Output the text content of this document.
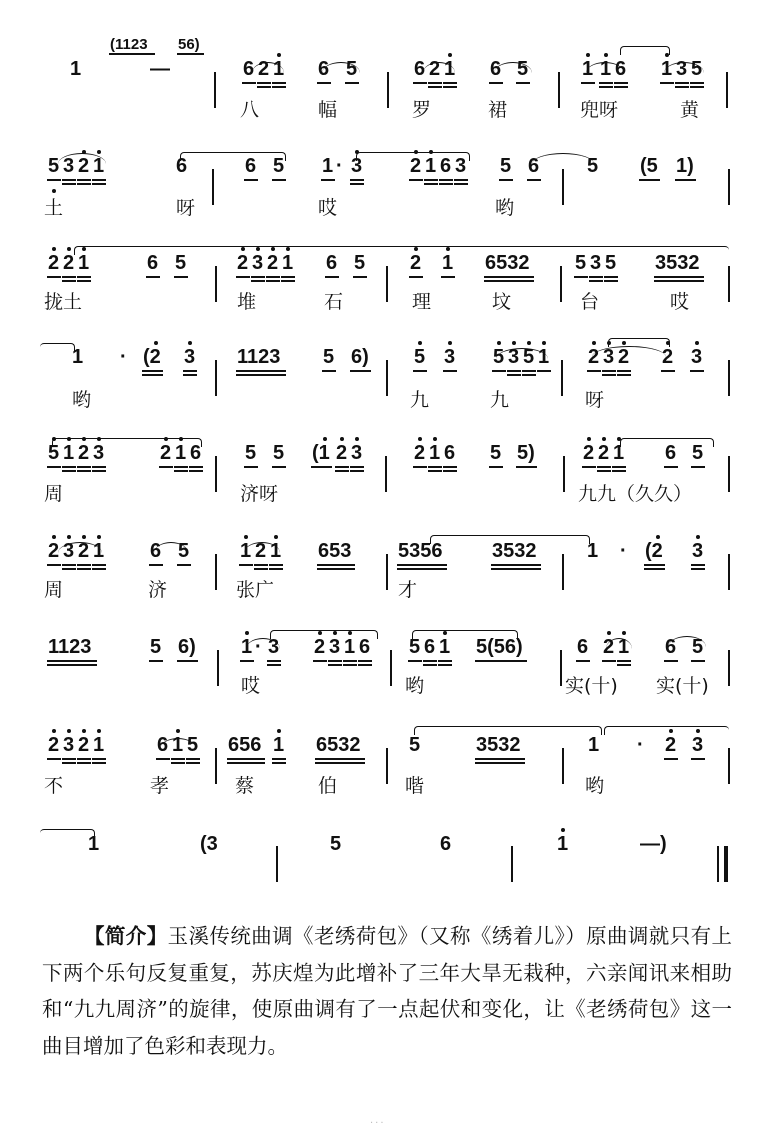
(1123 56)
1	—	6 2 1 6 5	6 2 1 6 5	1 1 6 1 3 5
八	幅	罗	裙	兜呀	黄
5 3 2 1	6	6 5 1 · 3 2 1 6 3 5 6 5 (5 1)
土	呀	哎	哟
2 2 1	6 5	2 3 2 1 6 5 2 1 6532 5 3 5 3532
拢土	堆	石	理	坟	台	哎
1 · (2 3 1123 5 6) 5 3 5 3 5 1 2 3 2 2 3
哟	九	九	呀
5 1 2 3	2 1 6 5 5 (1 2 3	2 1 6 5 5) 2 2 1 6 5
周	济呀	九九（久久）
2 3 2 1 6 5	1 2 1 653 5356 3532	1 · (2 3
周	济	张广	才
1123	5 6) 1 · 3 2 3 1 6 5 6 1 5(56)	6 2 1 6 5
哎	哟	实(十) 实(十)
2 3 2 1	6 1 5 656 1 6532 5	3532	1 · 2 3
不	孝	蔡	伯	喈	哟
1	(3	5	6	1	—)

【简介】玉溪传统曲调《老绣荷包》（又称《绣着儿》）原曲调就只有上下两个乐句反复重复，苏庆煌为此增补了三年大旱无栽种，六亲闻讯来相助和“九九周济”的旋律，使原曲调有了一点起伏和变化，让《老绣荷包》这一曲目增加了色彩和表现力。

···
